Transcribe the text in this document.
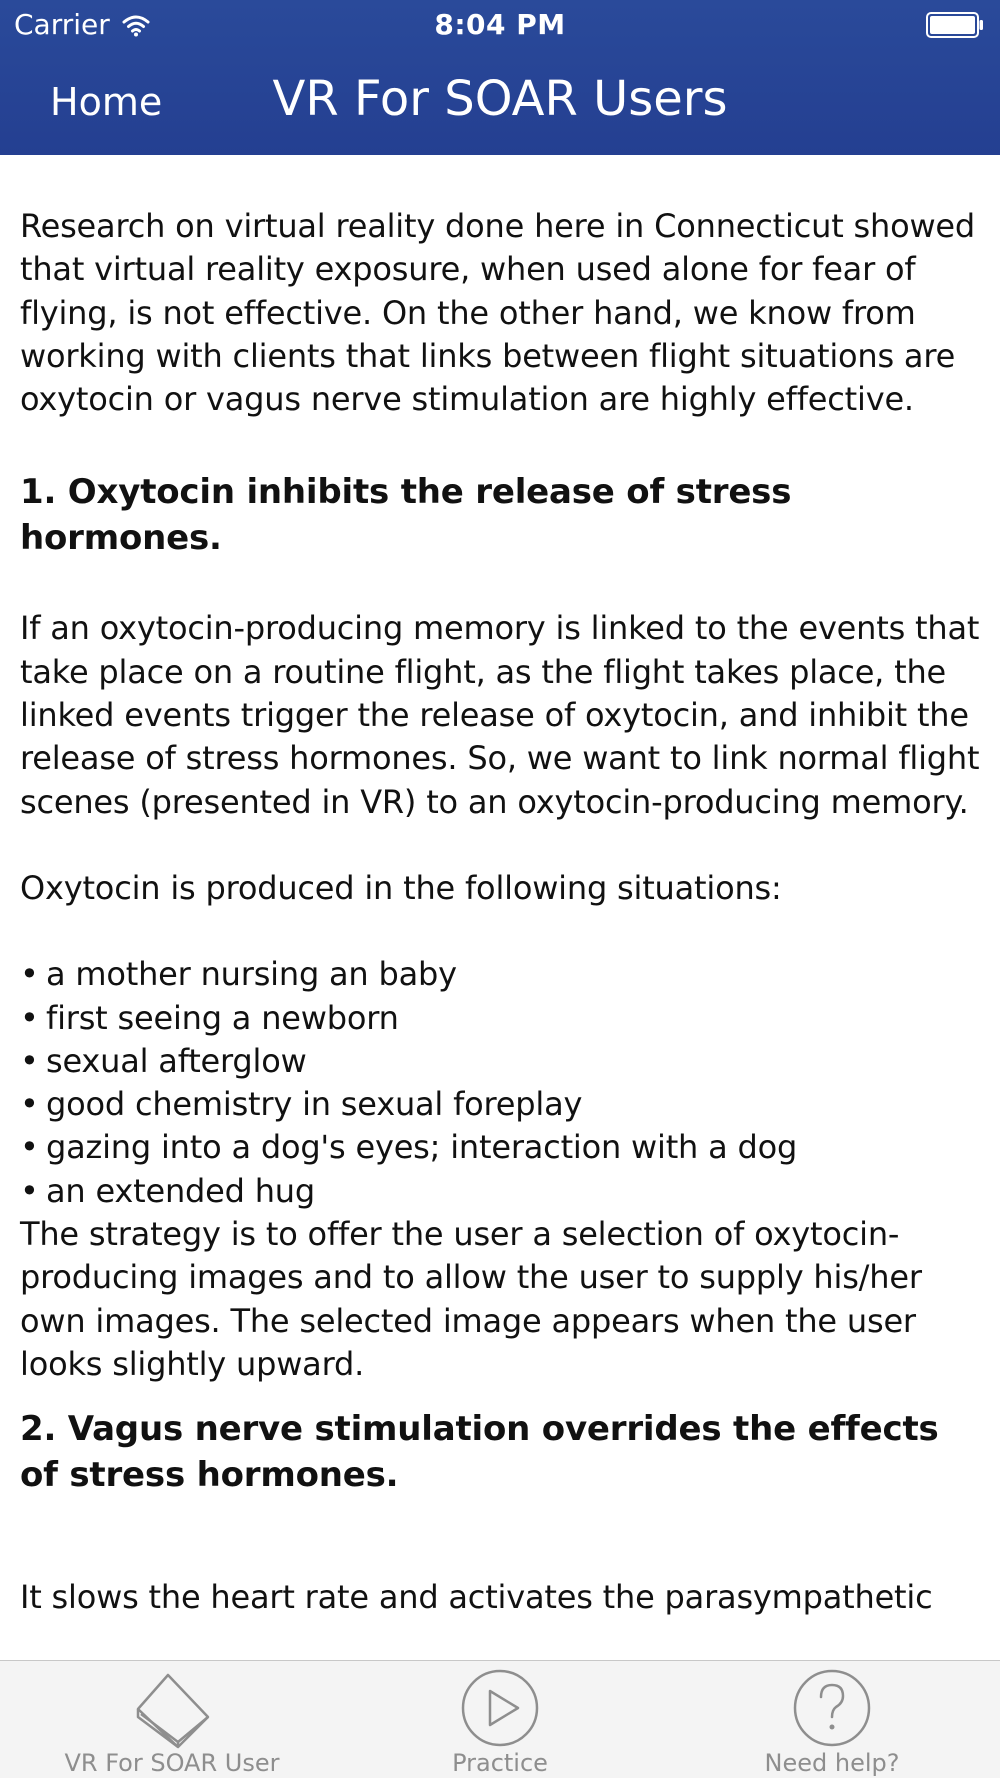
Carrier	8:04 PM
Home	VR For SOAR Users

Research on virtual reality done here in Connecticut showed that virtual reality exposure, when used alone for fear of flying, is not effective. On the other hand, we know from working with clients that links between flight situations are oxytocin or vagus nerve stimulation are highly effective.

1. Oxytocin inhibits the release of stress hormones.

If an oxytocin-producing memory is linked to the events that take place on a routine flight, as the flight takes place, the linked events trigger the release of oxytocin, and inhibit the release of stress hormones. So, we want to link normal flight scenes (presented in VR) to an oxytocin-producing memory.

Oxytocin is produced in the following situations:

• a mother nursing an baby
• first seeing a newborn
• sexual afterglow
• good chemistry in sexual foreplay
• gazing into a dog's eyes; interaction with a dog
• an extended hug

The strategy is to offer the user a selection of oxytocin-producing images and to allow the user to supply his/her own images. The selected image appears when the user looks slightly upward.

2. Vagus nerve stimulation overrides the effects of stress hormones.

It slows the heart rate and activates the parasympathetic

VR For SOAR User	Practice	Need help?
